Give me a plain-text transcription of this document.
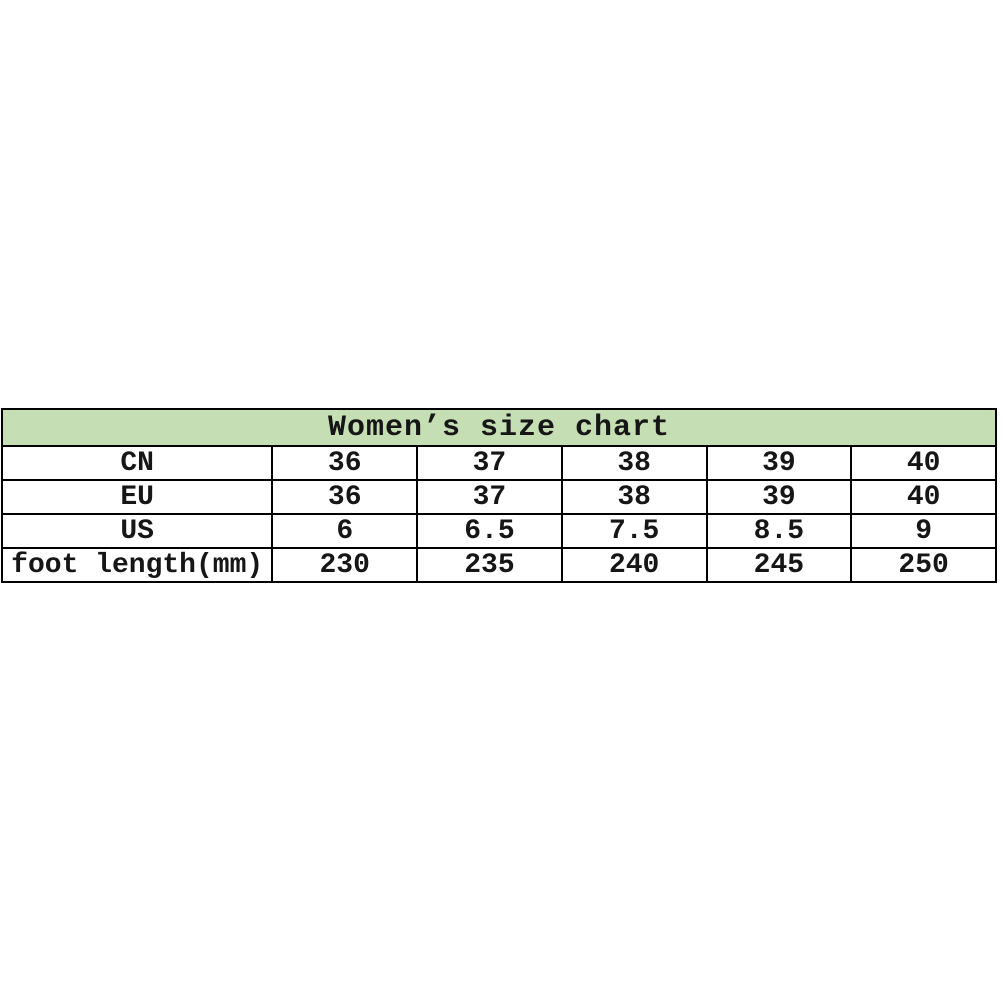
Women’s size chart					
CN	36	37	38	39	40
EU	36	37	38	39	40
US	6	6.5	7.5	8.5	9
foot length(mm)	230	235	240	245	250
